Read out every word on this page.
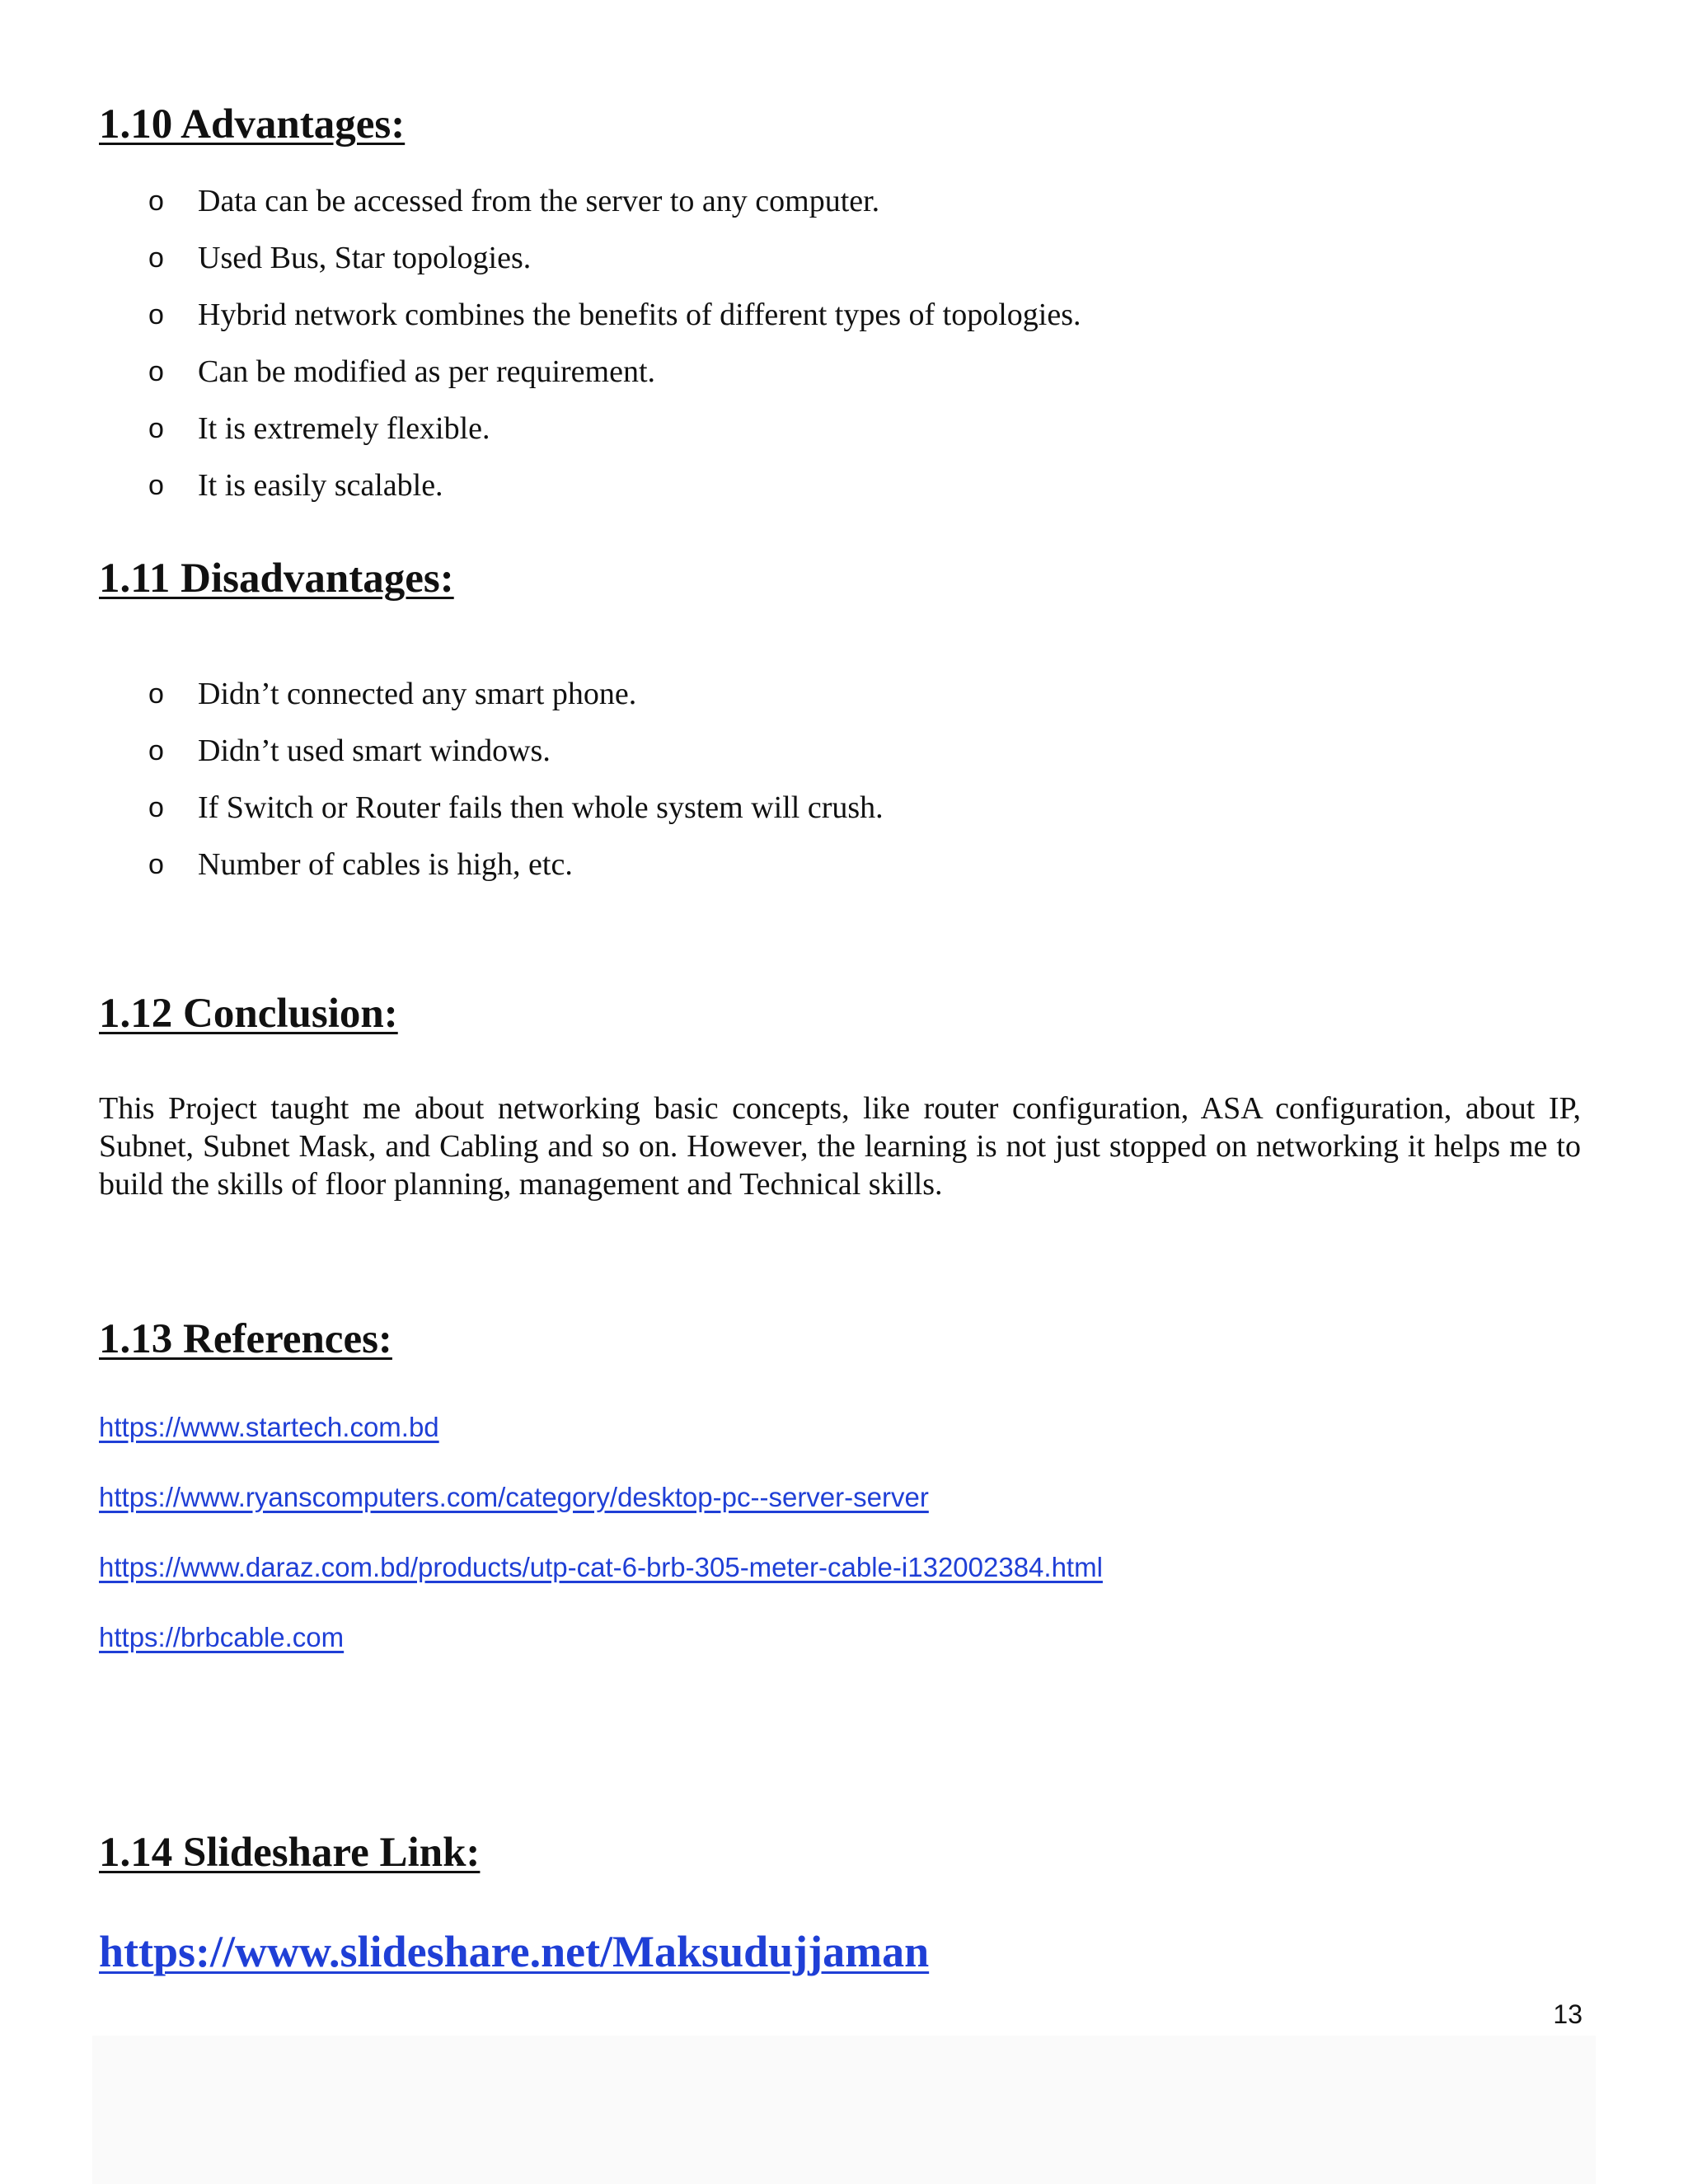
1.10 Advantages:
o Data can be accessed from the server to any computer.
o Used Bus, Star topologies.
o Hybrid network combines the benefits of different types of topologies.
o Can be modified as per requirement.
o It is extremely flexible.
o It is easily scalable.
1.11 Disadvantages:
o Didn’t connected any smart phone.
o Didn’t used smart windows.
o If Switch or Router fails then whole system will crush.
o Number of cables is high, etc.
1.12 Conclusion:

This Project taught me about networking basic concepts, like router configuration, ASA configuration, about IP, Subnet, Subnet Mask, and Cabling and so on. However, the learning is not just stopped on networking it helps me to build the skills of floor planning, management and Technical skills.

1.13 References:
https://www.startech.com.bd
https://www.ryanscomputers.com/category/desktop-pc--server-server
https://www.daraz.com.bd/products/utp-cat-6-brb-305-meter-cable-i132002384.html
https://brbcable.com
1.14 Slideshare Link:
https://www.slideshare.net/Maksudujjaman
13
